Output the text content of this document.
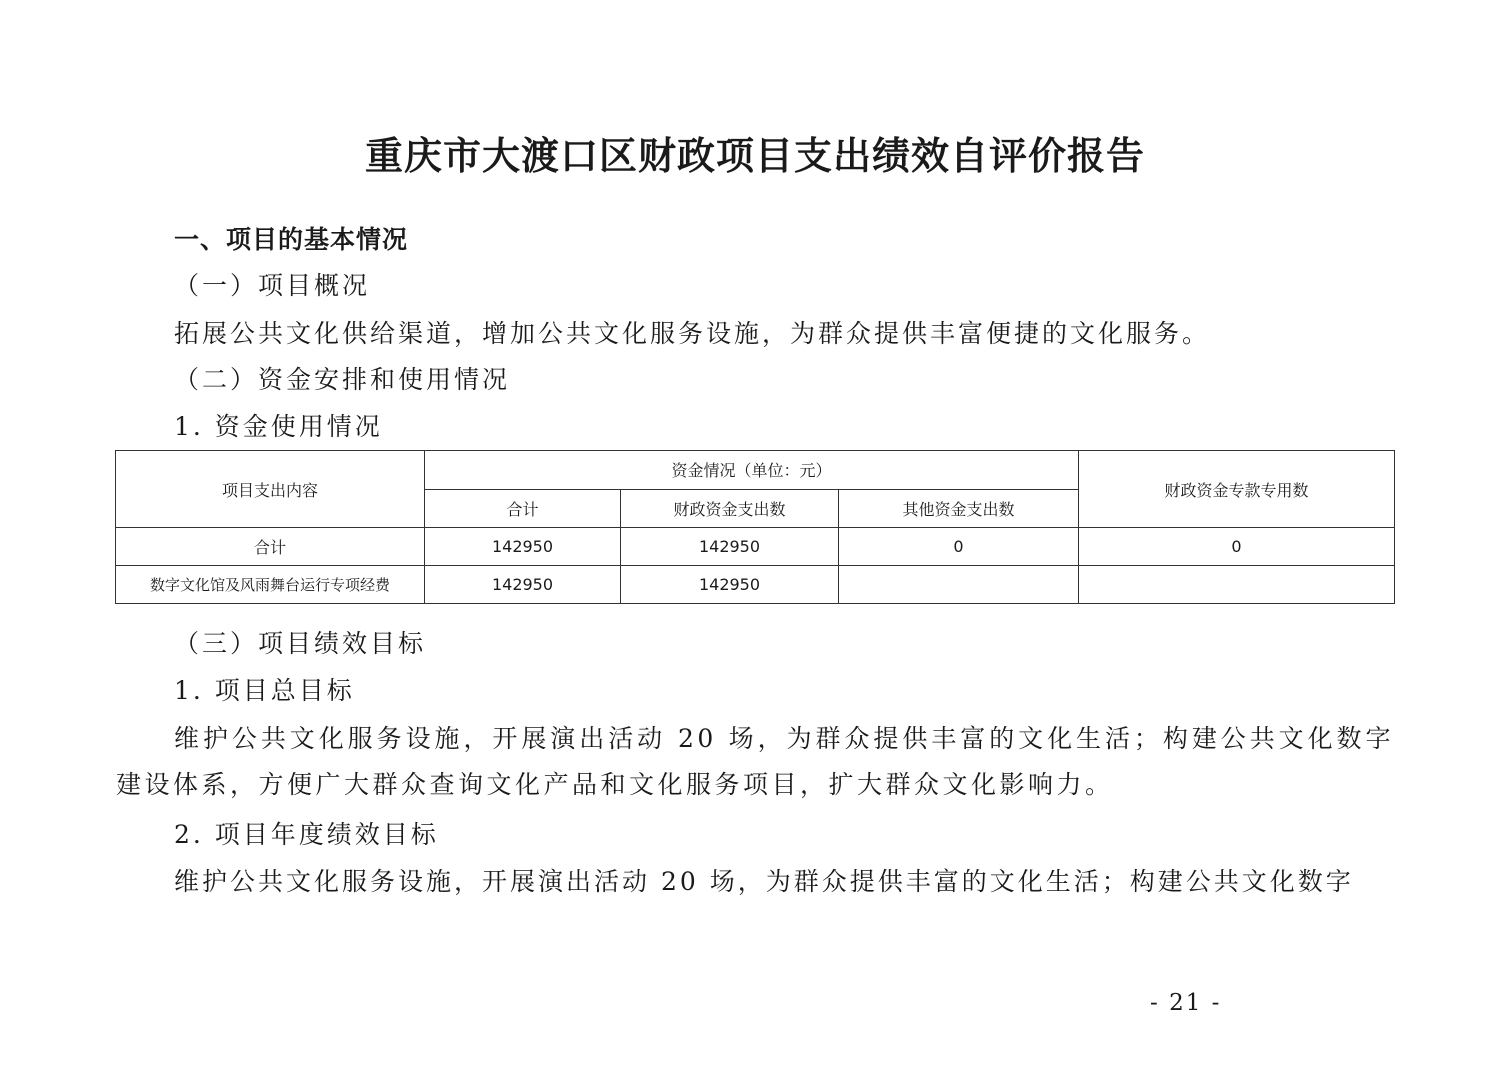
重庆市大渡口区财政项目支出绩效自评价报告
一、项目的基本情况
（一）项目概况
拓展公共文化供给渠道，增加公共文化服务设施，为群众提供丰富便捷的文化服务。
（二）资金安排和使用情况
1. 资金使用情况
项目支出内容	资金情况（单位：元）			财政资金专款专用数
	合计	财政资金支出数	其他资金支出数	
合计	142950	142950	0	0
数字文化馆及风雨舞台运行专项经费	142950	142950		
（三）项目绩效目标
1. 项目总目标

维护公共文化服务设施，开展演出活动 20 场，为群众提供丰富的文化生活；构建公共文化数字建设体系，方便广大群众查询文化产品和文化服务项目，扩大群众文化影响力。

2. 项目年度绩效目标
维护公共文化服务设施，开展演出活动 20 场，为群众提供丰富的文化生活；构建公共文化数字
- 21 -
